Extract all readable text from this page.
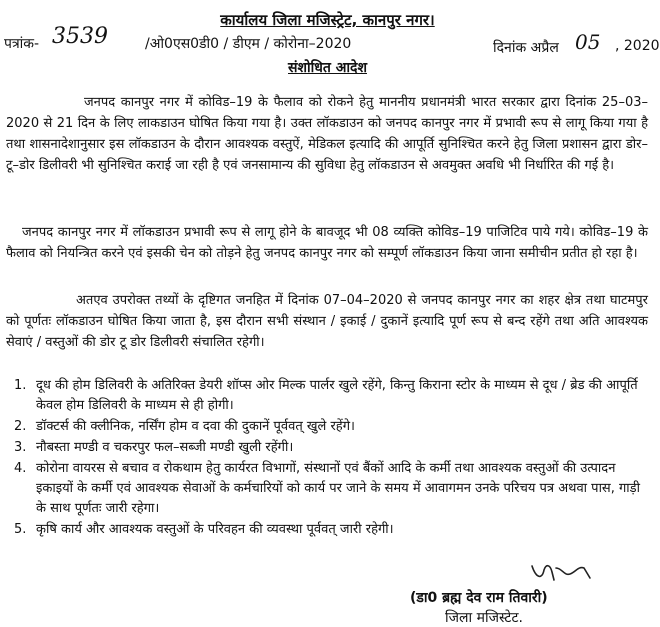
कार्यालय जिला मजिस्ट्रेट, कानपुर नगर।
पत्रांक- 3539	/ओ0एस0डी0 / डीएम / कोरोना–2020	दिनांक अप्रैल 05 , 2020
संशोधित आदेश
जनपद कानपुर नगर में कोविड–19 के फैलाव को रोकने हेतु माननीय प्रधानमंत्री भारत सरकार द्वारा दिनांक 25–03–2020 से 21 दिन के लिए लाकडाउन घोषित किया गया है। उक्त लॉकडाउन को जनपद कानपुर नगर में प्रभावी रूप से लागू किया गया है तथा शासनादेशानुसार इस लॉकडाउन के दौरान आवश्यक वस्तुऐं, मेडिकल इत्यादि की आपूर्ति सुनिश्चित करने हेतु जिला प्रशासन द्वारा डोर–टू–डोर डिलीवरी भी सुनिश्चित कराई जा रही है एवं जनसामान्य की सुविधा हेतु लॉकडाउन से अवमुक्त अवधि भी निर्धारित की गई है।
जनपद कानपुर नगर में लॉकडाउन प्रभावी रूप से लागू होने के बावजूद भी 08 व्यक्ति कोविड–19 पाजिटिव पाये गये। कोविड–19 के फैलाव को नियन्त्रित करने एवं इसकी चेन को तोड़ने हेतु जनपद कानपुर नगर को सम्पूर्ण लॉकडाउन किया जाना समीचीन प्रतीत हो रहा है।
अतएव उपरोक्त तथ्यों के दृष्टिगत जनहित में दिनांक 07–04–2020 से जनपद कानपुर नगर का शहर क्षेत्र तथा घाटमपुर को पूर्णतः लॉकडाउन घोषित किया जाता है, इस दौरान सभी संस्थान / इकाई / दुकानें इत्यादि पूर्ण रूप से बन्द रहेंगे तथा अति आवश्यक सेवाएं / वस्तुओं की डोर टू डोर डिलीवरी संचालित रहेगी।
1. दूध की होम डिलिवरी के अतिरिक्त डेयरी शॉप्स ओर मिल्क पार्लर खुले रहेंगे, किन्तु किराना स्टोर के माध्यम से दूध / ब्रेड की आपूर्ति केवल होम डिलिवरी के माध्यम से ही होगी।
2. डॉक्टर्स की क्लीनिक, नर्सिंग होम व दवा की दुकानें पूर्ववत् खुले रहेंगे।
3. नौबस्ता मण्डी व चकरपुर फल–सब्जी मण्डी खुली रहेंगी।
4. कोरोना वायरस से बचाव व रोकथाम हेतु कार्यरत विभागों, संस्थानों एवं बैंकों आदि के कर्मी तथा आवश्यक वस्तुओं की उत्पादन इकाइयों के कर्मी एवं आवश्यक सेवाओं के कर्मचारियों को कार्य पर जाने के समय में आवागमन उनके परिचय पत्र अथवा पास, गाड़ी के साथ पूर्णतः जारी रहेगा।
5. कृषि कार्य और आवश्यक वस्तुओं के परिवहन की व्यवस्था पूर्ववत् जारी रहेगी।
(डा0 ब्रह्म देव राम तिवारी)
जिला मजिस्टेट.
